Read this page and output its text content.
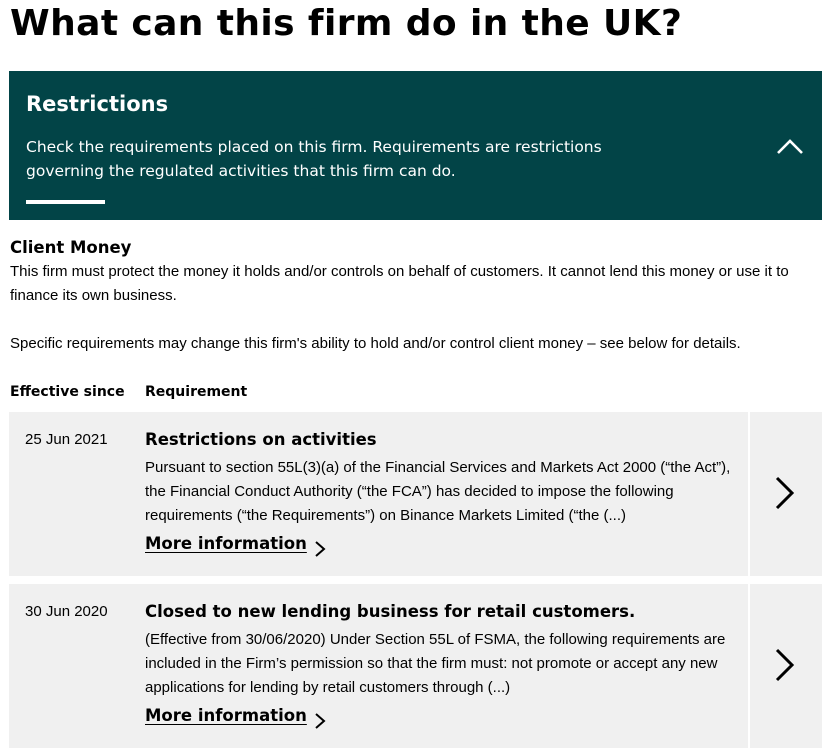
What can this firm do in the UK?
Restrictions
Check the requirements placed on this firm. Requirements are restrictions governing the regulated activities that this firm can do.
Client Money
This firm must protect the money it holds and/or controls on behalf of customers. It cannot lend this money or use it to finance its own business.
Specific requirements may change this firm's ability to hold and/or control client money – see below for details.
Effective since Requirement
25 Jun 2021 Restrictions on activities
Pursuant to section 55L(3)(a) of the Financial Services and Markets Act 2000 (“the Act”), the Financial Conduct Authority (“the FCA”) has decided to impose the following requirements (“the Requirements”) on Binance Markets Limited (“the (...)
More information
30 Jun 2020 Closed to new lending business for retail customers.
(Effective from 30/06/2020) Under Section 55L of FSMA, the following requirements are included in the Firm’s permission so that the firm must: not promote or accept any new applications for lending by retail customers through (...)
More information
